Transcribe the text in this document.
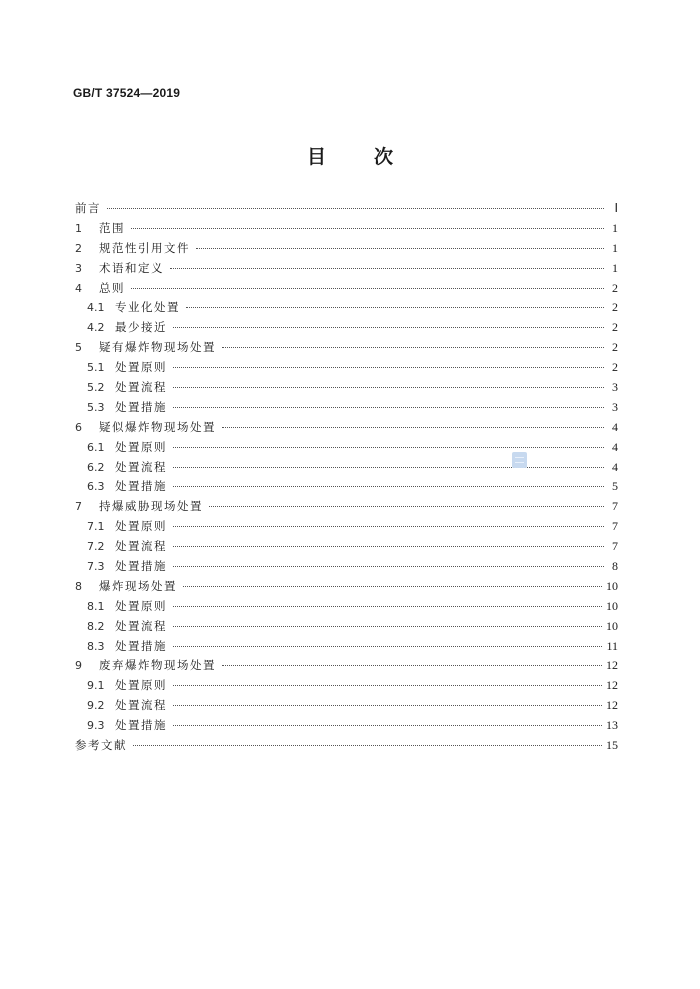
GB/T 37524—2019
目	次
前言	Ⅰ
1	范围	1
2	规范性引用文件	1
3	术语和定义	1
4	总则	2
4.1 专业化处置	2
4.2 最少接近	2
5	疑有爆炸物现场处置	2
5.1 处置原则	2
5.2 处置流程	3
5.3 处置措施	3
6	疑似爆炸物现场处置	4
6.1 处置原则	4
6.2 处置流程	4
6.3 处置措施	5
7	持爆威胁现场处置	7
7.1 处置原则	7
7.2 处置流程	7
7.3 处置措施	8
8	爆炸现场处置	10
8.1 处置原则	10
8.2 处置流程	10
8.3 处置措施	11
9	废弃爆炸物现场处置	12
9.1 处置原则	12
9.2 处置流程	12
9.3 处置措施	13
参考文献	15
